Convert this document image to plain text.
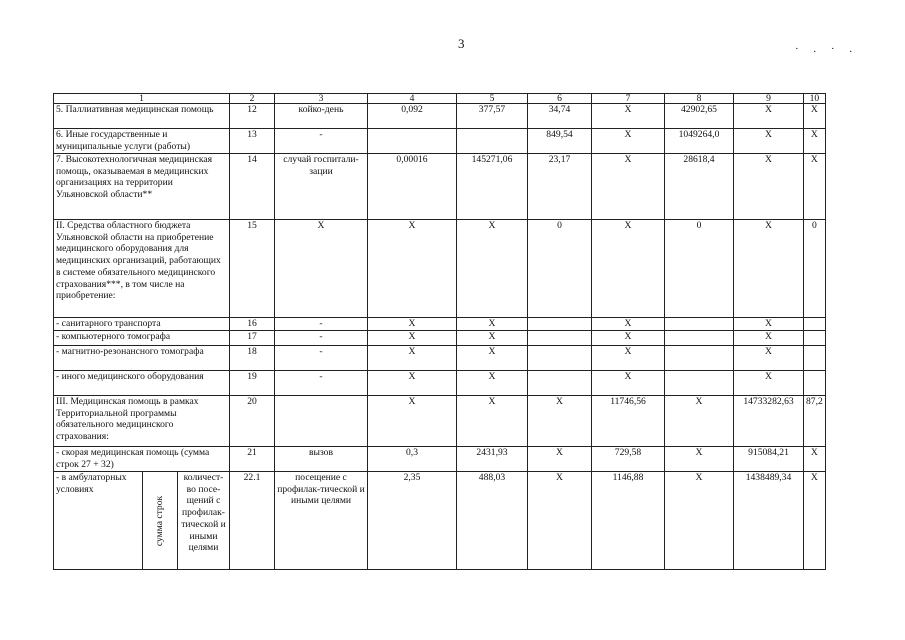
3	· . · .
1			2	3	4	5	6	7	8	9	10
5. Паллиативная медицинская помощь			12	койко-день	0,092	377,57	34,74	X	42902,65	X	X
6. Иные государственные и муниципальные услуги (работы)			13	-			849,54	X	1049264,0	X	X
7. Высокотехнологичная медицинская помощь, оказываемая в медицинских организациях на территории Ульяновской области**			14	случай госпитали-зации	0,00016	145271,06	23,17	X	28618,4	X	X
II. Средства областного бюджета Ульяновской области на приобретение медицинского оборудования для медицинских организаций, работающих в системе обязательного медицинского страхования***, в том числе на приобретение:			15	X	X	X	0	X	0	X	0
- санитарного транспорта			16	-	X	X		X		X	
- компьютерного томографа			17	-	X	X		X		X	
- магнитно-резонансного томографа			18	-	X	X		X		X	
- иного медицинского оборудования			19	-	X	X		X		X	
III. Медицинская помощь в рамках Территориальной программы обязательного медицинского страхования:			20		X	X	X	11746,56	X	14733282,63	87,2
- скорая медицинская помощь (сумма строк 27 + 32)			21	вызов	0,3	2431,93	X	729,58	X	915084,21	X
- в амбулаторных условиях	сумма строк	количест-во посе-щений с профилак-тической и иными целями	22.1	посещение с профилак-тической и иными целями	2,35	488,03	X	1146,88	X	1438489,34	X
